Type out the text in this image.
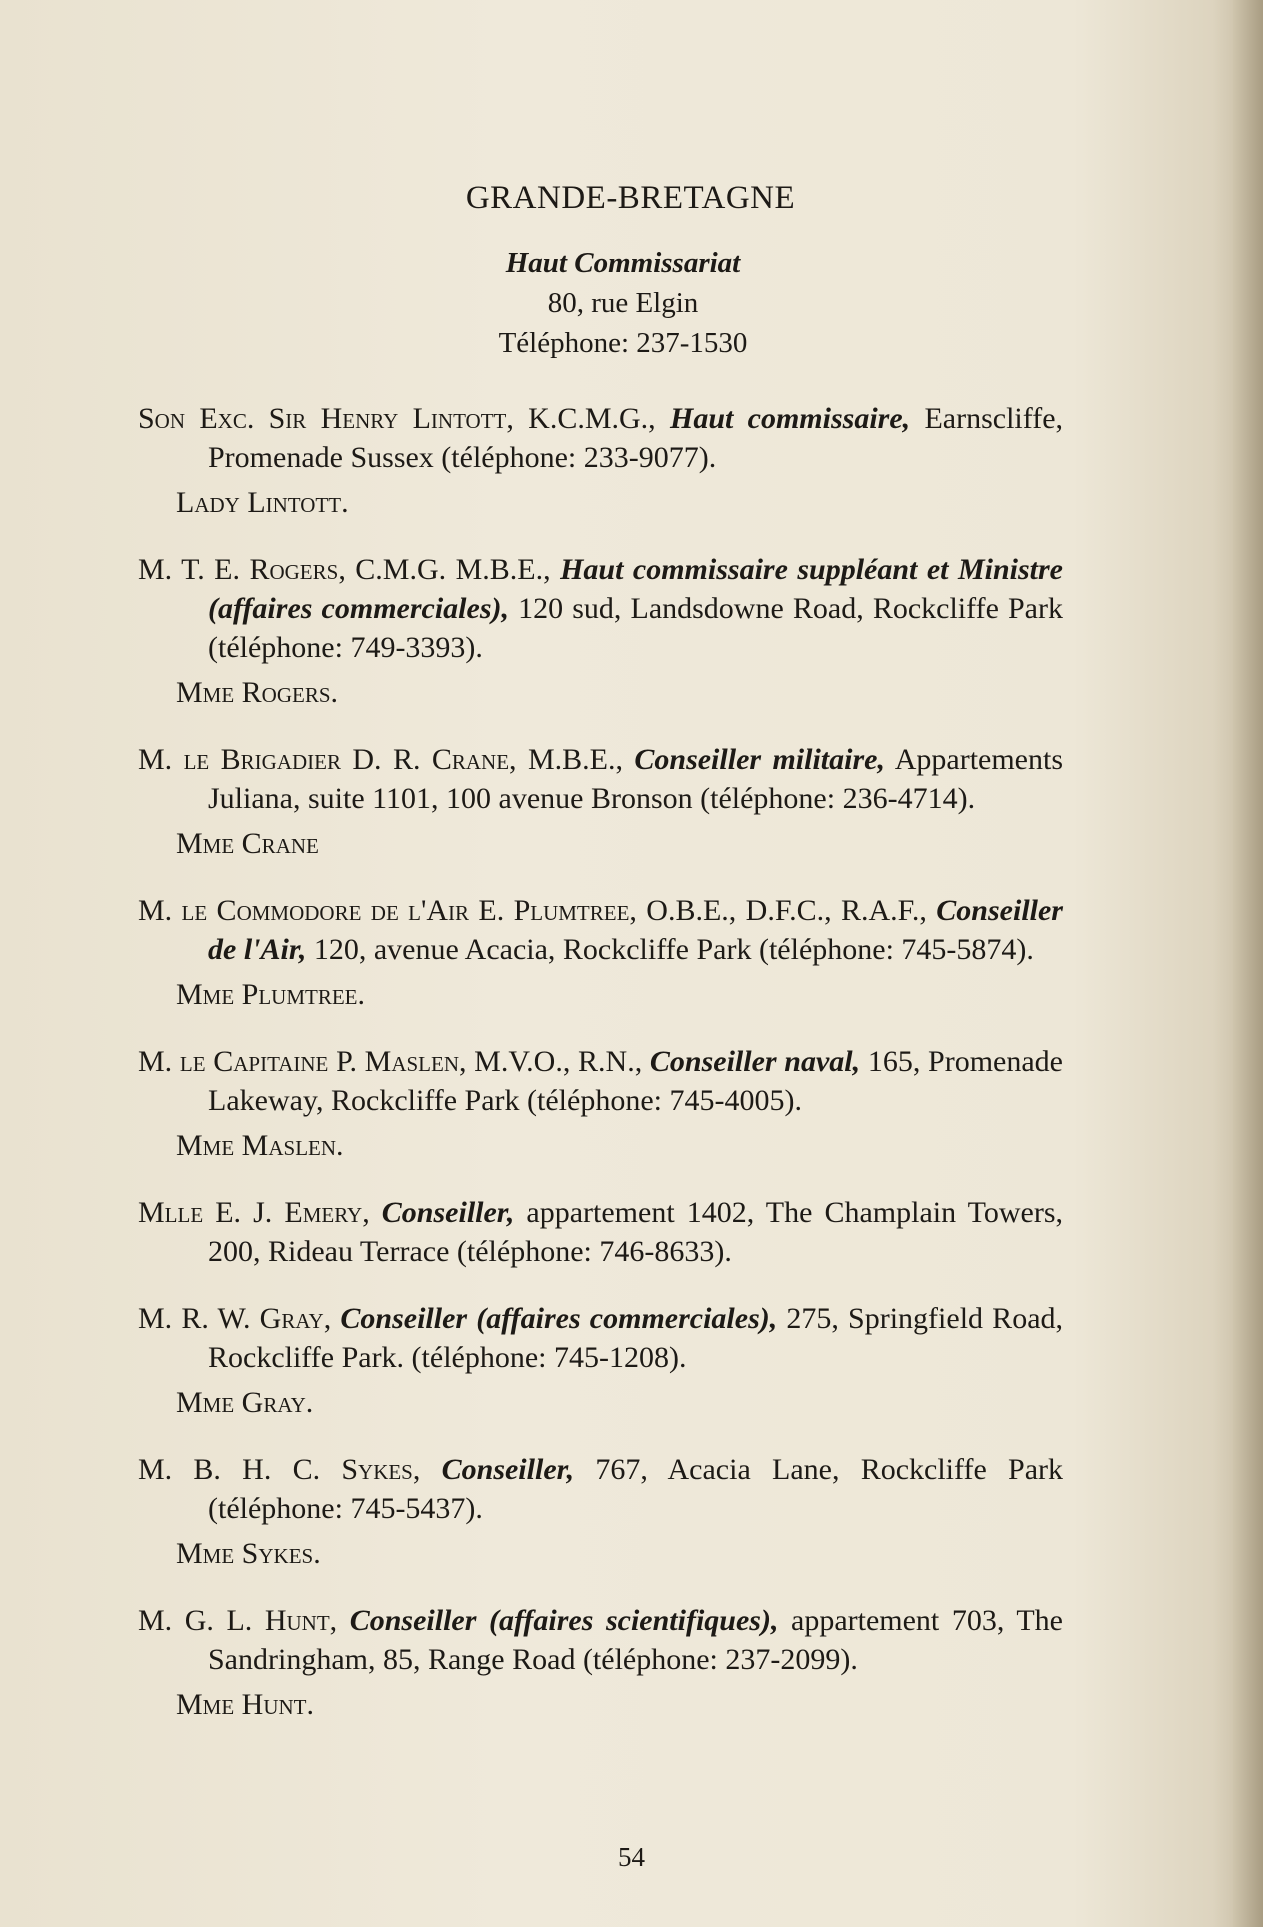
GRANDE-BRETAGNE
Haut Commissariat
80, rue Elgin
Téléphone: 237-1530
Son Exc. Sir Henry Lintott, K.C.M.G., Haut commissaire, Earnscliffe, Promenade Sussex (téléphone: 233-9077).
Lady Lintott.
M. T. E. Rogers, C.M.G. M.B.E., Haut commissaire suppléant et Ministre (affaires commerciales), 120 sud, Landsdowne Road, Rockcliffe Park (téléphone: 749-3393).
Mme Rogers.
M. le Brigadier D. R. Crane, M.B.E., Conseiller militaire, Appartements Juliana, suite 1101, 100 avenue Bronson (téléphone: 236-4714).
Mme Crane
M. le Commodore de l'Air E. Plumtree, O.B.E., D.F.C., R.A.F., Conseiller de l'Air, 120, avenue Acacia, Rockcliffe Park (téléphone: 745-5874).
Mme Plumtree.
M. le Capitaine P. Maslen, M.V.O., R.N., Conseiller naval, 165, Promenade Lakeway, Rockcliffe Park (téléphone: 745-4005).
Mme Maslen.
Mlle E. J. Emery, Conseiller, appartement 1402, The Champlain Towers, 200, Rideau Terrace (téléphone: 746-8633).
M. R. W. Gray, Conseiller (affaires commerciales), 275, Springfield Road, Rockcliffe Park. (téléphone: 745-1208).
Mme Gray.
M. B. H. C. Sykes, Conseiller, 767, Acacia Lane, Rockcliffe Park (téléphone: 745-5437).
Mme Sykes.
M. G. L. Hunt, Conseiller (affaires scientifiques), appartement 703, The Sandringham, 85, Range Road (téléphone: 237-2099).
Mme Hunt.
54
